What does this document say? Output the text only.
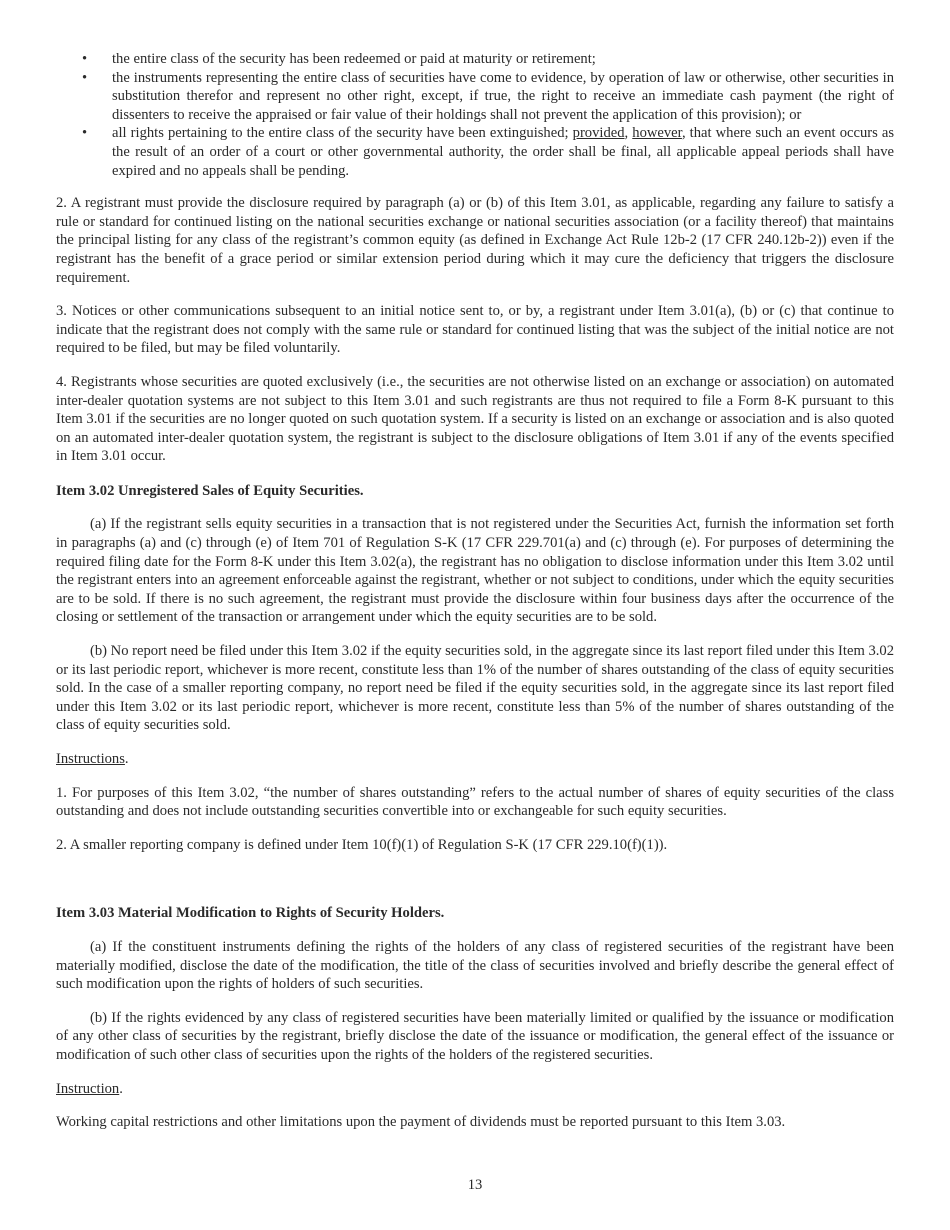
• the entire class of the security has been redeemed or paid at maturity or retirement;
• the instruments representing the entire class of securities have come to evidence, by operation of law or otherwise, other securities in substitution therefor and represent no other right, except, if true, the right to receive an immediate cash payment (the right of dissenters to receive the appraised or fair value of their holdings shall not prevent the application of this provision); or
• all rights pertaining to the entire class of the security have been extinguished; provided, however, that where such an event occurs as the result of an order of a court or other governmental authority, the order shall be final, all applicable appeal periods shall have expired and no appeals shall be pending.

2. A registrant must provide the disclosure required by paragraph (a) or (b) of this Item 3.01, as applicable, regarding any failure to satisfy a rule or standard for continued listing on the national securities exchange or national securities association (or a facility thereof) that maintains the principal listing for any class of the registrant’s common equity (as defined in Exchange Act Rule 12b-2 (17 CFR 240.12b-2)) even if the registrant has the benefit of a grace period or similar extension period during which it may cure the deficiency that triggers the disclosure requirement.

3. Notices or other communications subsequent to an initial notice sent to, or by, a registrant under Item 3.01(a), (b) or (c) that continue to indicate that the registrant does not comply with the same rule or standard for continued listing that was the subject of the initial notice are not required to be filed, but may be filed voluntarily.

4. Registrants whose securities are quoted exclusively (i.e., the securities are not otherwise listed on an exchange or association) on automated inter-dealer quotation systems are not subject to this Item 3.01 and such registrants are thus not required to file a Form 8-K pursuant to this Item 3.01 if the securities are no longer quoted on such quotation system. If a security is listed on an exchange or association and is also quoted on an automated inter-dealer quotation system, the registrant is subject to the disclosure obligations of Item 3.01 if any of the events specified in Item 3.01 occur.

Item 3.02 Unregistered Sales of Equity Securities.

(a) If the registrant sells equity securities in a transaction that is not registered under the Securities Act, furnish the information set forth in paragraphs (a) and (c) through (e) of Item 701 of Regulation S-K (17 CFR 229.701(a) and (c) through (e). For purposes of determining the required filing date for the Form 8-K under this Item 3.02(a), the registrant has no obligation to disclose information under this Item 3.02 until the registrant enters into an agreement enforceable against the registrant, whether or not subject to conditions, under which the equity securities are to be sold. If there is no such agreement, the registrant must provide the disclosure within four business days after the occurrence of the closing or settlement of the transaction or arrangement under which the equity securities are to be sold.

(b) No report need be filed under this Item 3.02 if the equity securities sold, in the aggregate since its last report filed under this Item 3.02 or its last periodic report, whichever is more recent, constitute less than 1% of the number of shares outstanding of the class of equity securities sold. In the case of a smaller reporting company, no report need be filed if the equity securities sold, in the aggregate since its last report filed under this Item 3.02 or its last periodic report, whichever is more recent, constitute less than 5% of the number of shares outstanding of the class of equity securities sold.

Instructions.

1. For purposes of this Item 3.02, “the number of shares outstanding” refers to the actual number of shares of equity securities of the class outstanding and does not include outstanding securities convertible into or exchangeable for such equity securities.

2. A smaller reporting company is defined under Item 10(f)(1) of Regulation S-K (17 CFR 229.10(f)(1)).

Item 3.03 Material Modification to Rights of Security Holders.

(a) If the constituent instruments defining the rights of the holders of any class of registered securities of the registrant have been materially modified, disclose the date of the modification, the title of the class of securities involved and briefly describe the general effect of such modification upon the rights of holders of such securities.

(b) If the rights evidenced by any class of registered securities have been materially limited or qualified by the issuance or modification of any other class of securities by the registrant, briefly disclose the date of the issuance or modification, the general effect of the issuance or modification of such other class of securities upon the rights of the holders of the registered securities.

Instruction.

Working capital restrictions and other limitations upon the payment of dividends must be reported pursuant to this Item 3.03.

13
